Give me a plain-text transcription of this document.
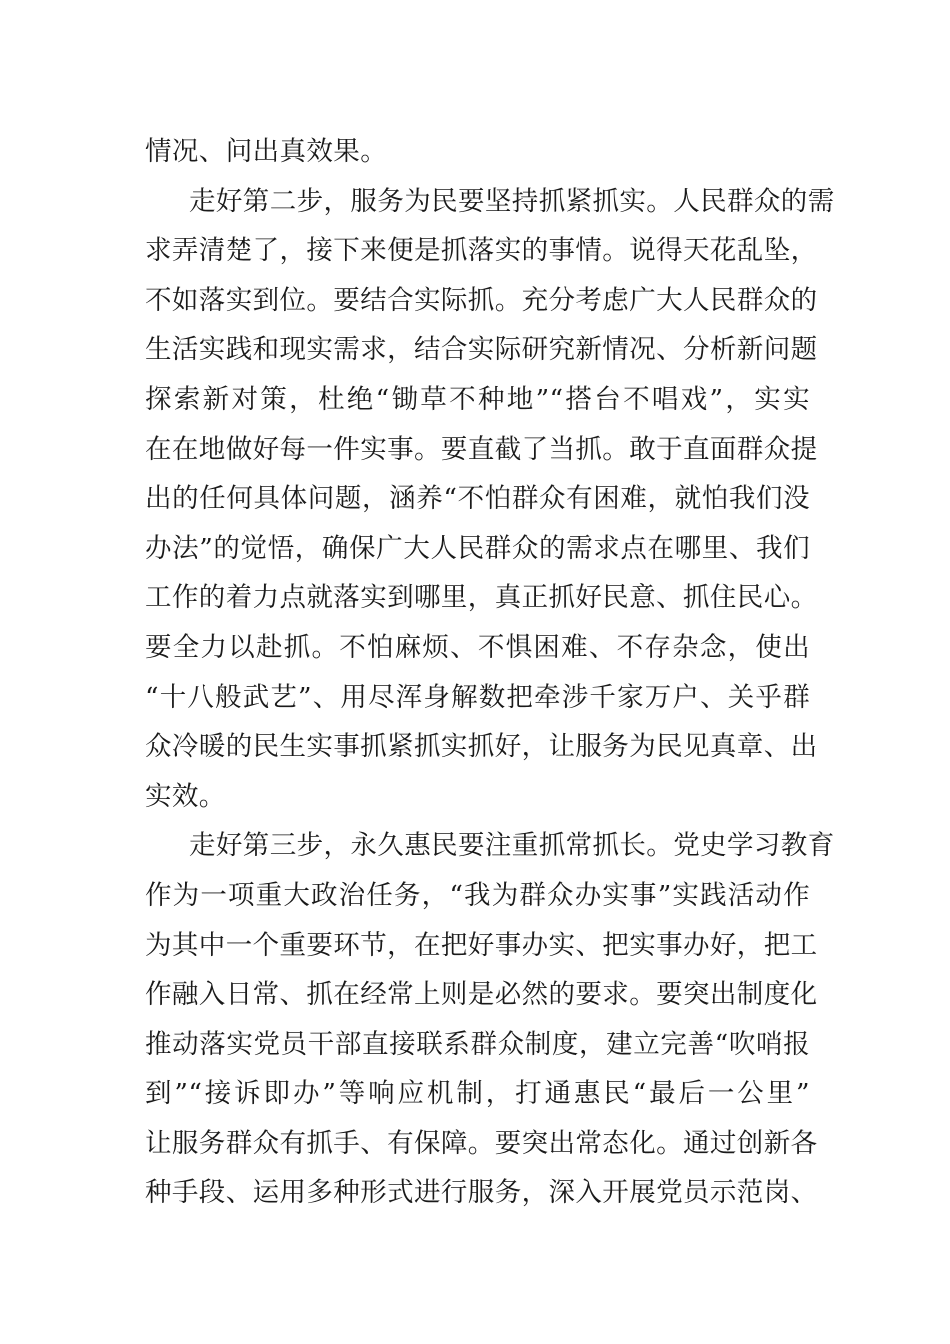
情况、问出真效果。
走好第二步，服务为民要坚持抓紧抓实。人民群众的需
求弄清楚了，接下来便是抓落实的事情。说得天花乱坠，
不如落实到位。要结合实际抓。充分考虑广大人民群众的
生活实践和现实需求，结合实际研究新情况、分析新问题
探索新对策，杜绝“锄草不种地”“搭台不唱戏”，实实
在在地做好每一件实事。要直截了当抓。敢于直面群众提
出的任何具体问题，涵养“不怕群众有困难，就怕我们没
办法”的觉悟，确保广大人民群众的需求点在哪里、我们
工作的着力点就落实到哪里，真正抓好民意、抓住民心。
要全力以赴抓。不怕麻烦、不惧困难、不存杂念，使出
“十八般武艺”、用尽浑身解数把牵涉千家万户、关乎群
众冷暖的民生实事抓紧抓实抓好，让服务为民见真章、出
实效。
走好第三步，永久惠民要注重抓常抓长。党史学习教育
作为一项重大政治任务，“我为群众办实事”实践活动作
为其中一个重要环节，在把好事办实、把实事办好，把工
作融入日常、抓在经常上则是必然的要求。要突出制度化
推动落实党员干部直接联系群众制度，建立完善“吹哨报
到”“接诉即办”等响应机制，打通惠民“最后一公里”
让服务群众有抓手、有保障。要突出常态化。通过创新各
种手段、运用多种形式进行服务，深入开展党员示范岗、
